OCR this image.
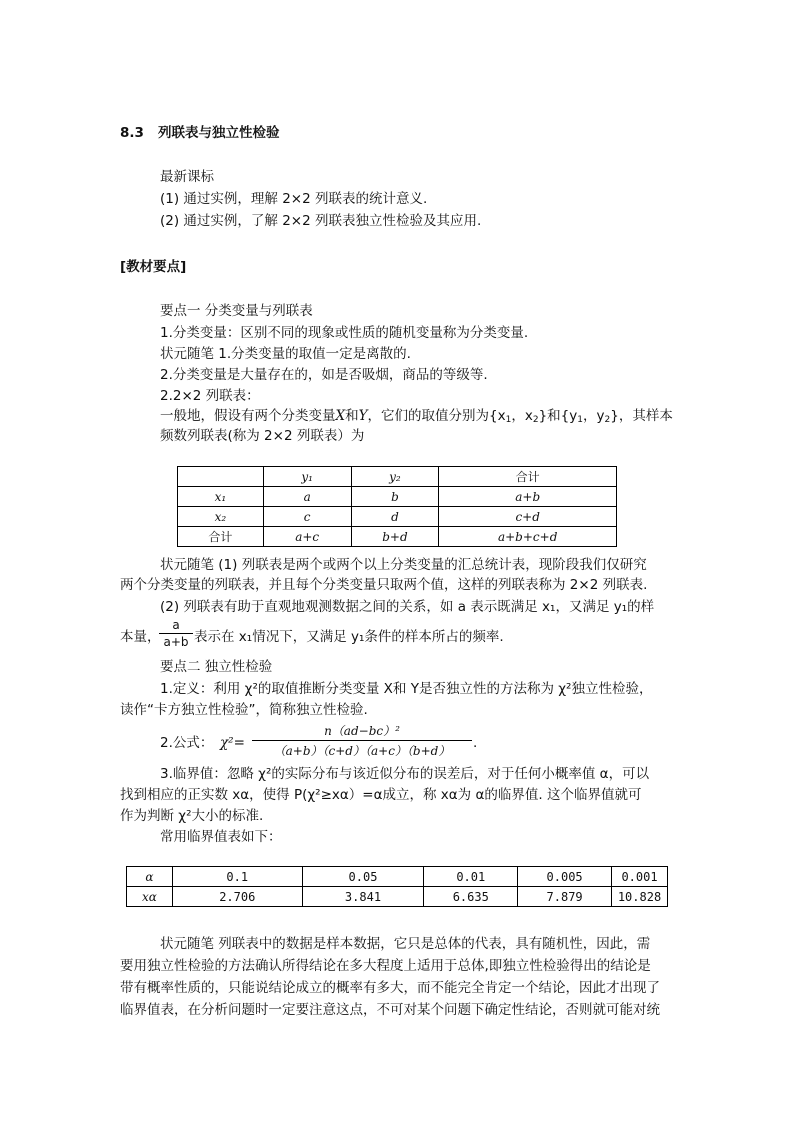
8.3 列联表与独立性检验
最新课标
(1) 通过实例，理解 2×2 列联表的统计意义.
(2) 通过实例，了解 2×2 列联表独立性检验及其应用.
[教材要点]
要点一 分类变量与列联表
1.分类变量：区别不同的现象或性质的随机变量称为分类变量.
状元随笔 1.分类变量的取值一定是离散的.
2.分类变量是大量存在的，如是否吸烟，商品的等级等.
2.2×2 列联表：
一般地，假设有两个分类变量X和Y，它们的取值分别为{$x_1$，$x_2$}和{$y_1$，$y_2$}，其样本
频数列联表(称为 2×2 列联表）为
	y₁	y₂	合计
x₁	a	b	a+b
x₂	c	d	c+d
合计	a+c	b+d	a+b+c+d
状元随笔 (1) 列联表是两个或两个以上分类变量的汇总统计表，现阶段我们仅研究
两个分类变量的列联表，并且每个分类变量只取两个值，这样的列联表称为 2×2 列联表.
(2) 列联表有助于直观地观测数据之间的关系，如 a 表示既满足 x₁，又满足 y₁的样
本量，
$\frac{a}{a+b}$ 表示在 x₁情况下，又满足 y₁条件的样本所占的频率.
要点二 独立性检验
1.定义：利用 χ²的取值推断分类变量 X和 Y是否独立性的方法称为 χ²独立性检验，
读作“卡方独立性检验”，简称独立性检验.
2.公式： $\chi^2= \frac{\text{n（ad−bc）²}}{(a+b)(c+d)(a+c)(b+d)}$ .
3.临界值：忽略 χ²的实际分布与该近似分布的误差后，对于任何小概率值 α，可以
找到相应的正实数 xα，使得 P(χ²≥xα）=α成立，称 xα为 α的临界值. 这个临界值就可
作为判断 χ²大小的标准.
常用临界值表如下：
α	0.1	0.05	0.01	0.005	0.001
xα	2.706	3.841	6.635	7.879	10.828
状元随笔 列联表中的数据是样本数据，它只是总体的代表，具有随机性，因此，需
要用独立性检验的方法确认所得结论在多大程度上适用于总体,即独立性检验得出的结论是
带有概率性质的，只能说结论成立的概率有多大，而不能完全肯定一个结论，因此才出现了
临界值表，在分析问题时一定要注意这点，不可对某个问题下确定性结论，否则就可能对统
